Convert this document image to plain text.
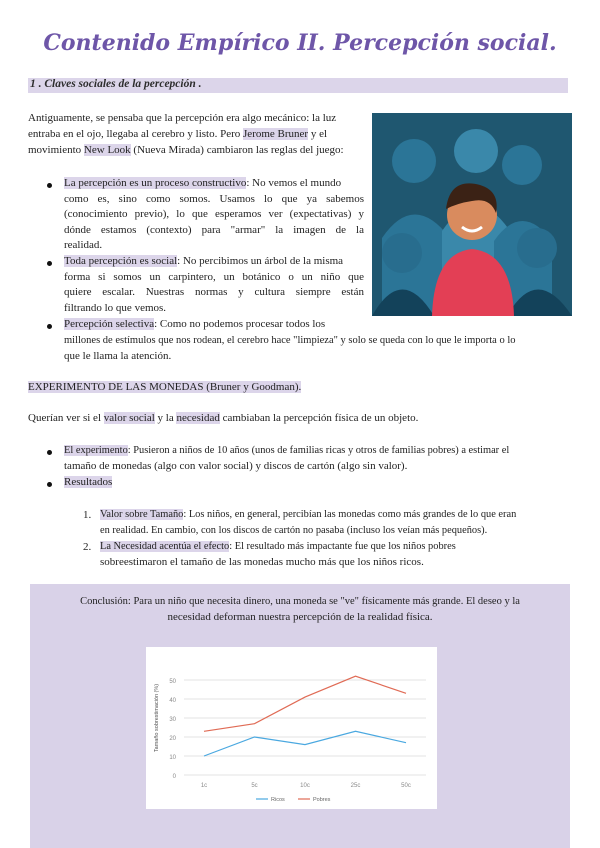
Contenido Empírico II. Percepción social.
1 . Claves sociales de la percepción .
Antiguamente, se pensaba que la percepción era algo mecánico: la luz
entraba en el ojo, llegaba al cerebro y listo. Pero Jerome Bruner y el
movimiento New Look (Nueva Mirada) cambiaron las reglas del juego:
La percepción es un proceso constructivo: No vemos el mundo
como es, sino como somos. Usamos lo que ya sabemos
(conocimiento previo), lo que esperamos ver (expectativas) y
dónde estamos (contexto) para "armar" la imagen de la
realidad.
Toda percepción es social: No percibimos un árbol de la misma
forma si somos un carpintero, un botánico o un niño que
quiere escalar. Nuestras normas y cultura siempre están
filtrando lo que vemos.
Percepción selectiva: Como no podemos procesar todos los
millones de estímulos que nos rodean, el cerebro hace "limpieza" y solo se queda con lo que le importa o lo
que le llama la atención.
EXPERIMENTO DE LAS MONEDAS (Bruner y Goodman).
Querían ver si el valor social y la necesidad cambiaban la percepción física de un objeto.
El experimento: Pusieron a niños de 10 años (unos de familias ricas y otros de familias pobres) a estimar el
tamaño de monedas (algo con valor social) y discos de cartón (algo sin valor).
Resultados
1. Valor sobre Tamaño: Los niños, en general, percibían las monedas como más grandes de lo que eran
en realidad. En cambio, con los discos de cartón no pasaba (incluso los veían más pequeños).
2. La Necesidad acentúa el efecto: El resultado más impactante fue que los niños pobres
sobreestimaron el tamaño de las monedas mucho más que los niños ricos.
Conclusión: Para un niño que necesita dinero, una moneda se "ve" físicamente más grande. El deseo y la
necesidad deforman nuestra percepción de la realidad física.
0
10
20
30
40
50
1c	5c	10c	25c	50c
Tamaño sobrestimación (%)
Ricos	Pobres
